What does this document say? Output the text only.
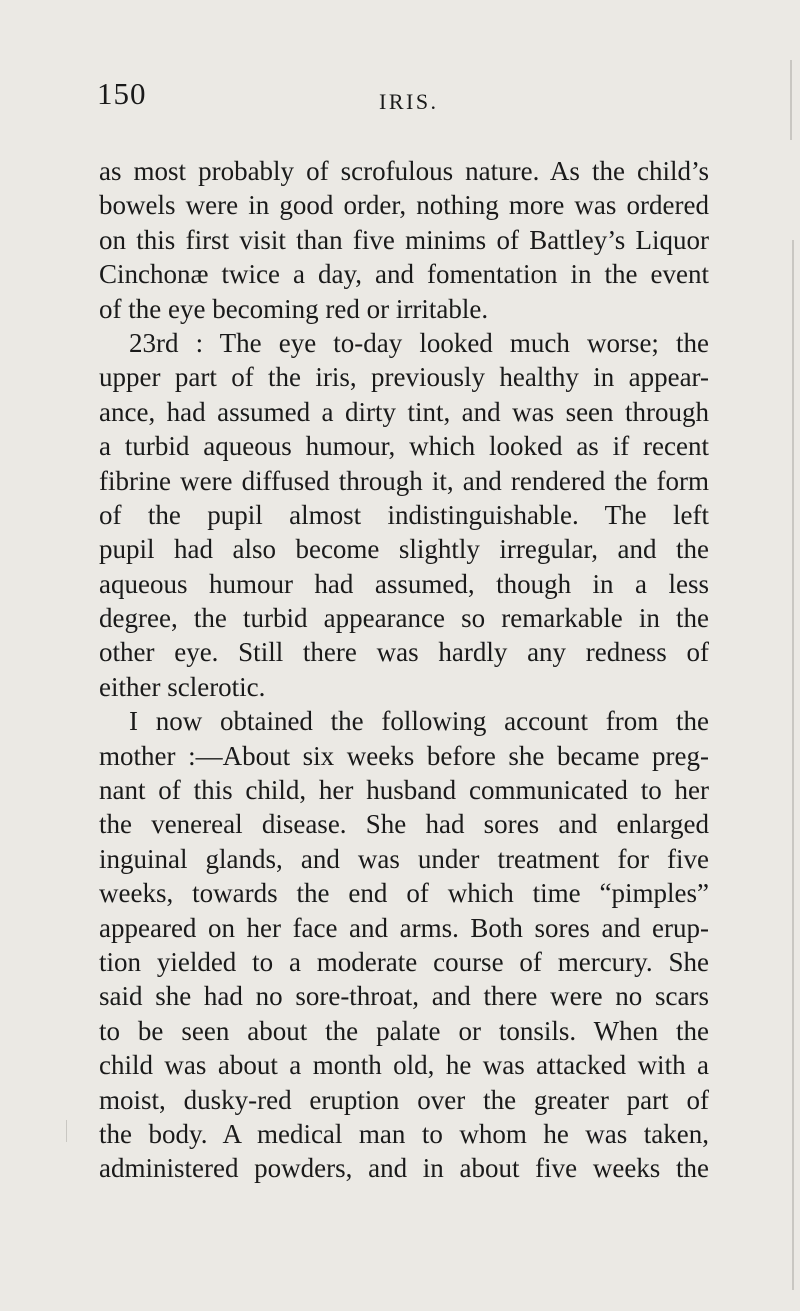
150	IRIS.
as most probably of scrofulous nature. As the child’s
bowels were in good order, nothing more was ordered
on this first visit than five minims of Battley’s Liquor
Cinchonæ twice a day, and fomentation in the event
of the eye becoming red or irritable.
23rd : The eye to-day looked much worse; the
upper part of the iris, previously healthy in appear-
ance, had assumed a dirty tint, and was seen through
a turbid aqueous humour, which looked as if recent
fibrine were diffused through it, and rendered the form
of the pupil almost indistinguishable. The left
pupil had also become slightly irregular, and the
aqueous humour had assumed, though in a less
degree, the turbid appearance so remarkable in the
other eye. Still there was hardly any redness of
either sclerotic.
I now obtained the following account from the
mother :—About six weeks before she became preg-
nant of this child, her husband communicated to her
the venereal disease. She had sores and enlarged
inguinal glands, and was under treatment for five
weeks, towards the end of which time “pimples”
appeared on her face and arms. Both sores and erup-
tion yielded to a moderate course of mercury. She
said she had no sore-throat, and there were no scars
to be seen about the palate or tonsils. When the
child was about a month old, he was attacked with a
moist, dusky-red eruption over the greater part of
the body. A medical man to whom he was taken,
administered powders, and in about five weeks the
